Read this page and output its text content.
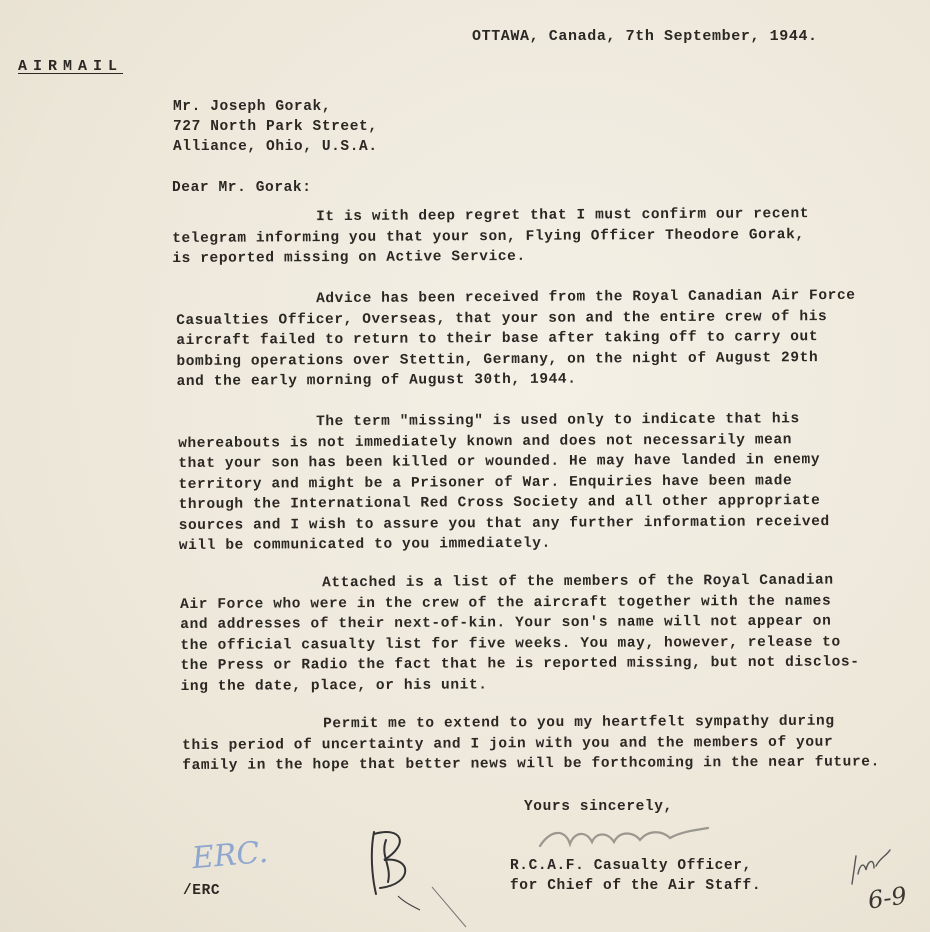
OTTAWA, Canada, 7th September, 1944.
AIRMAIL
Mr. Joseph Gorak,
727 North Park Street,
Alliance, Ohio, U.S.A.
Dear Mr. Gorak:
It is with deep regret that I must confirm our recent
telegram informing you that your son, Flying Officer Theodore Gorak,
is reported missing on Active Service.
Advice has been received from the Royal Canadian Air Force
Casualties Officer, Overseas, that your son and the entire crew of his
aircraft failed to return to their base after taking off to carry out
bombing operations over Stettin, Germany, on the night of August 29th
and the early morning of August 30th, 1944.
The term "missing" is used only to indicate that his
whereabouts is not immediately known and does not necessarily mean
that your son has been killed or wounded. He may have landed in enemy
territory and might be a Prisoner of War. Enquiries have been made
through the International Red Cross Society and all other appropriate
sources and I wish to assure you that any further information received
will be communicated to you immediately.
Attached is a list of the members of the Royal Canadian
Air Force who were in the crew of the aircraft together with the names
and addresses of their next-of-kin. Your son's name will not appear on
the official casualty list for five weeks. You may, however, release to
the Press or Radio the fact that he is reported missing, but not disclos-
ing the date, place, or his unit.
Permit me to extend to you my heartfelt sympathy during
this period of uncertainty and I join with you and the members of your
family in the hope that better news will be forthcoming in the near future.
Yours sincerely,
R.C.A.F. Casualty Officer,
for Chief of the Air Staff.
/ERC
ERC.
6-9
